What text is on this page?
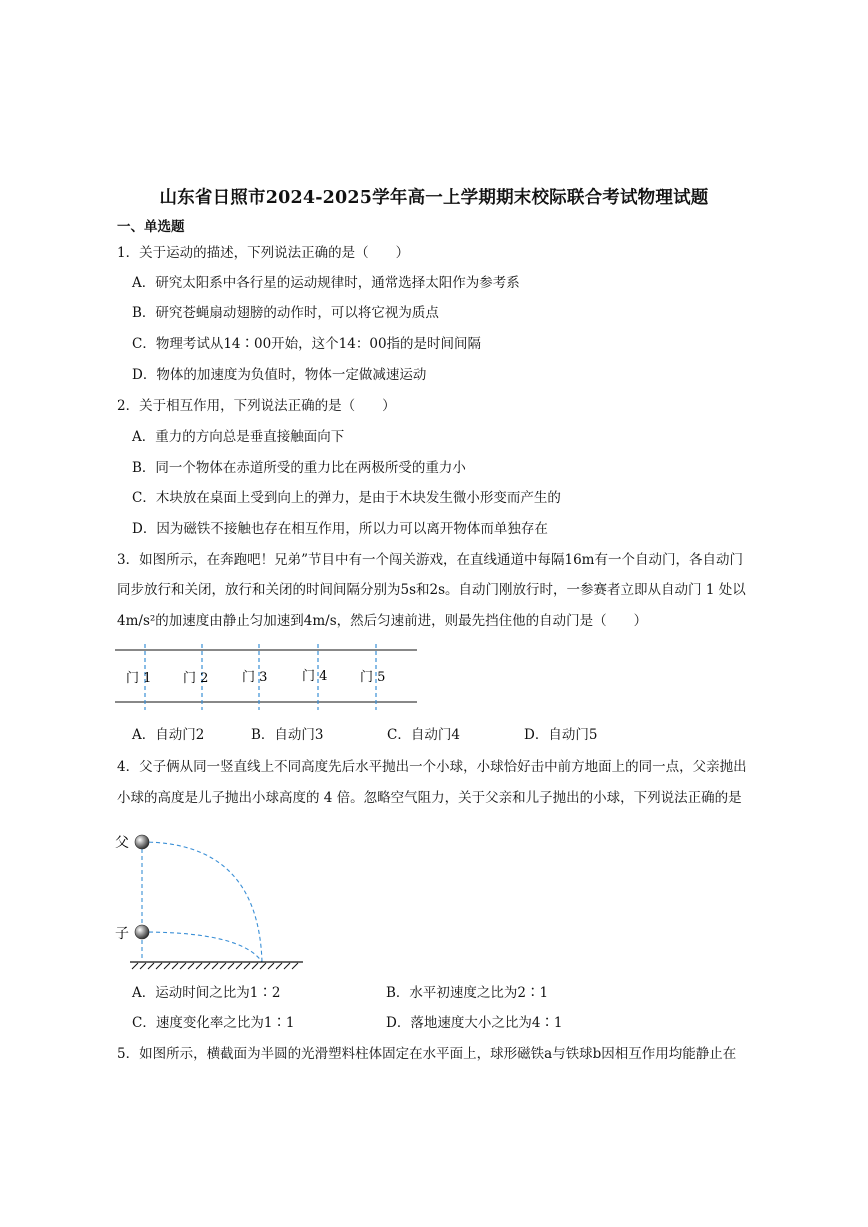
山东省日照市2024-2025学年高一上学期期末校际联合考试物理试题
一、单选题
1．关于运动的描述，下列说法正确的是（　　）
A．研究太阳系中各行星的运动规律时，通常选择太阳作为参考系
B．研究苍蝇扇动翅膀的动作时，可以将它视为质点
C．物理考试从14∶00开始，这个14：00指的是时间间隔
D．物体的加速度为负值时，物体一定做减速运动
2．关于相互作用，下列说法正确的是（　　）
A．重力的方向总是垂直接触面向下
B．同一个物体在赤道所受的重力比在两极所受的重力小
C．木块放在桌面上受到向上的弹力，是由于木块发生微小形变而产生的
D．因为磁铁不接触也存在相互作用，所以力可以离开物体而单独存在
3．如图所示，在奔跑吧！兄弟”节目中有一个闯关游戏，在直线通道中每隔16m有一个自动门，各自动门
同步放行和关闭，放行和关闭的时间间隔分别为5s和2s。自动门刚放行时，一参赛者立即从自动门 1 处以
4m/s²的加速度由静止匀加速到4m/s，然后匀速前进，则最先挡住他的自动门是（　　）
门 1 门 2	门 3	门 4	门 5
A．自动门2	B．自动门3	C．自动门4	D．自动门5
4．父子俩从同一竖直线上不同高度先后水平抛出一个小球，小球恰好击中前方地面上的同一点，父亲抛出
小球的高度是儿子抛出小球高度的 4 倍。忽略空气阻力，关于父亲和儿子抛出的小球，下列说法正确的是
父
子
A．运动时间之比为1∶2	B．水平初速度之比为2∶1
C．速度变化率之比为1∶1	D．落地速度大小之比为4∶1
5．如图所示，横截面为半圆的光滑塑料柱体固定在水平面上，球形磁铁a与铁球b因相互作用均能静止在
